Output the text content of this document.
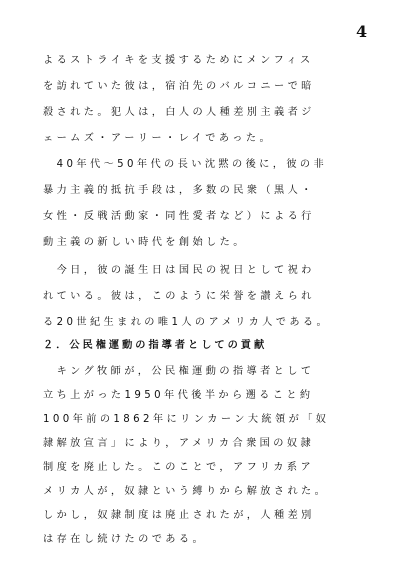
4
よるストライキを支援するためにメンフィス
を訪れていた彼は，宿泊先のバルコニーで暗
殺された。犯人は，白人の人種差別主義者ジ
ェームズ・アーリー・レイであった。
　40年代～50年代の長い沈黙の後に，彼の非
暴力主義的抵抗手段は，多数の民衆（黒人・
女性・反戦活動家・同性愛者など）による行
動主義の新しい時代を創始した。
　今日，彼の誕生日は国民の祝日として祝わ
れている。彼は，このように栄誉を讃えられ
る20世紀生まれの唯1人のアメリカ人である。
２．公民権運動の指導者としての貢献
　キング牧師が，公民権運動の指導者として
立ち上がった1950年代後半から遡ること約
100年前の1862年にリンカーン大統領が「奴
隷解放宣言」により，アメリカ合衆国の奴隷
制度を廃止した。このことで，アフリカ系ア
メリカ人が，奴隷という縛りから解放された。
しかし，奴隷制度は廃止されたが，人種差別
は存在し続けたのである。
